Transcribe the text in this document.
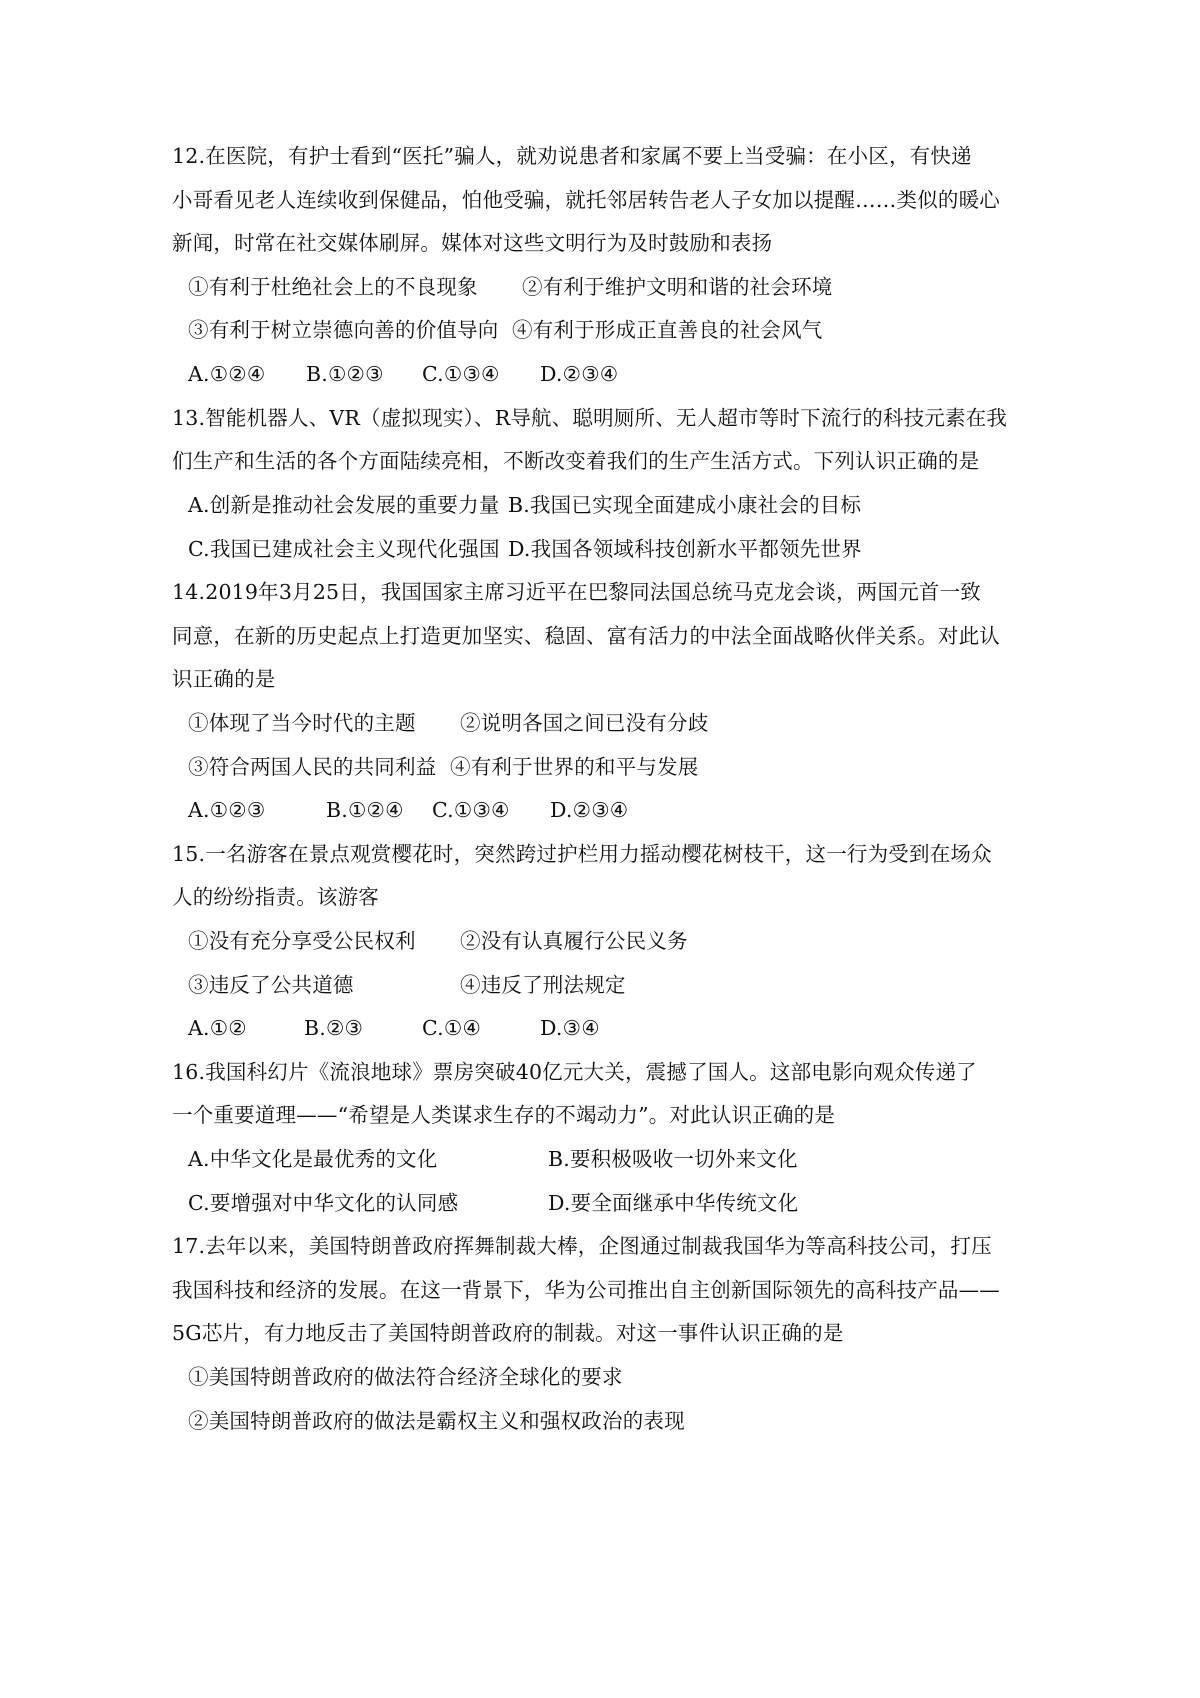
12.在医院，有护士看到“医托”骗人，就劝说患者和家属不要上当受骗：在小区，有快递
小哥看见老人连续收到保健品，怕他受骗，就托邻居转告老人子女加以提醒……类似的暖心
新闻，时常在社交媒体刷屏。媒体对这些文明行为及时鼓励和表扬
①有利于杜绝社会上的不良现象 ②有利于维护文明和谐的社会环境
③有利于树立崇德向善的价值导向 ④有利于形成正直善良的社会风气
A.①②④ B.①②③ C.①③④ D.②③④
13.智能机器人、VR（虚拟现实）、R导航、聪明厕所、无人超市等时下流行的科技元素在我
们生产和生活的各个方面陆续亮相，不断改变着我们的生产生活方式。下列认识正确的是
A.创新是推动社会发展的重要力量 B.我国已实现全面建成小康社会的目标
C.我国已建成社会主义现代化强国 D.我国各领域科技创新水平都领先世界
14.2019年3月25日，我国国家主席习近平在巴黎同法国总统马克龙会谈，两国元首一致
同意，在新的历史起点上打造更加坚实、稳固、富有活力的中法全面战略伙伴关系。对此认
识正确的是
①体现了当今时代的主题 ②说明各国之间已没有分歧
③符合两国人民的共同利益 ④有利于世界的和平与发展
A.①②③	B.①②④ C.①③④ D.②③④
15.一名游客在景点观赏樱花时，突然跨过护栏用力摇动樱花树枝干，这一行为受到在场众
人的纷纷指责。该游客
①没有充分享受公民权利 ②没有认真履行公民义务
③违反了公共道德	④违反了刑法规定
A.①②	B.②③	C.①④	D.③④
16.我国科幻片《流浪地球》票房突破40亿元大关，震撼了国人。这部电影向观众传递了
一个重要道理——“希望是人类谋求生存的不竭动力”。对此认识正确的是
A.中华文化是最优秀的文化	B.要积极吸收一切外来文化
C.要增强对中华文化的认同感	D.要全面继承中华传统文化
17.去年以来，美国特朗普政府挥舞制裁大棒，企图通过制裁我国华为等高科技公司，打压
我国科技和经济的发展。在这一背景下，华为公司推出自主创新国际领先的高科技产品——
5G芯片，有力地反击了美国特朗普政府的制裁。对这一事件认识正确的是
①美国特朗普政府的做法符合经济全球化的要求
②美国特朗普政府的做法是霸权主义和强权政治的表现
